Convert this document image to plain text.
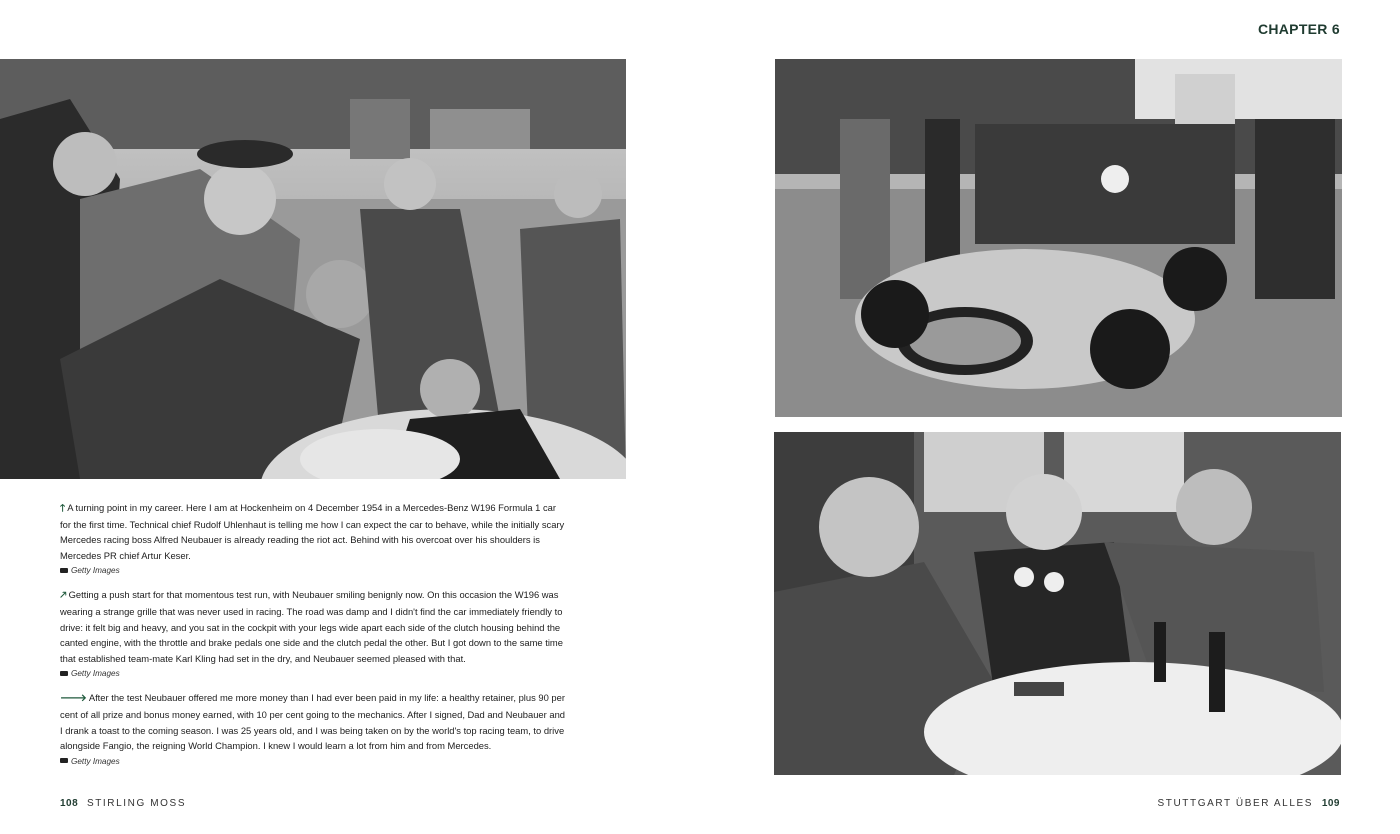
🡑 A turning point in my career. Here I am at Hockenheim on 4 December 1954 in a Mercedes-Benz W196 Formula 1 car for the first time. Technical chief Rudolf Uhlenhaut is telling me how I can expect the car to behave, while the initially scary Mercedes racing boss Alfred Neubauer is already reading the riot act. Behind with his overcoat over his shoulders is Mercedes PR chief Artur Keser.

Getty Images

🡕 Getting a push start for that momentous test run, with Neubauer smiling benignly now. On this occasion the W196 was wearing a strange grille that was never used in racing. The road was damp and I didn't find the car immediately friendly to drive: it felt big and heavy, and you sat in the cockpit with your legs wide apart each side of the clutch housing behind the canted engine, with the throttle and brake pedals one side and the clutch pedal the other. But I got down to the same time that established team-mate Karl Kling had set in the dry, and Neubauer seemed pleased with that.

Getty Images

🡒 After the test Neubauer offered me more money than I had ever been paid in my life: a healthy retainer, plus 90 per cent of all prize and bonus money earned, with 10 per cent going to the mechanics. After I signed, Dad and Neubauer and I drank a toast to the coming season. I was 25 years old, and I was being taken on by the world's top racing team, to drive alongside Fangio, the reigning World Champion. I knew I would learn a lot from him and from Mercedes.

Getty Images
108 STIRLING MOSS
CHAPTER 6
STUTTGART ÜBER ALLES 109
